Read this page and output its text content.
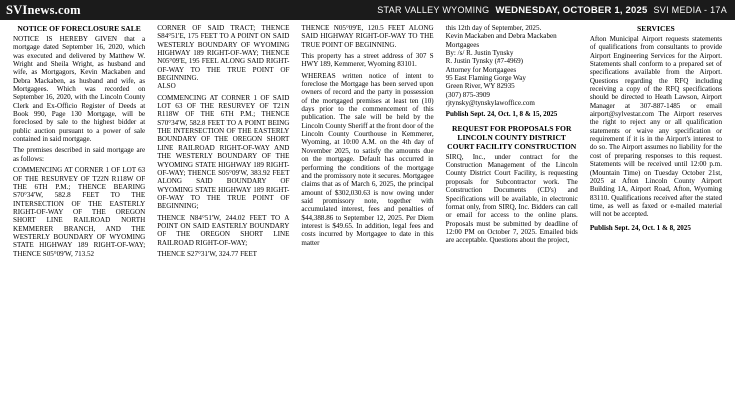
SVInews.com	STAR VALLEY WYOMING WEDNESDAY, OCTOBER 1, 2025 SVI MEDIA - 17A
NOTICE OF FORECLOSURE SALE

NOTICE IS HEREBY GIVEN that a mortgage dated September 16, 2020, which was executed and delivered by Matthew W. Wright and Sheila Wright, as husband and wife, as Mortgagors, Kevin Mackaben and Debra Mackaben, as husband and wife, as Mortgagees. Which was recorded on September 16, 2020, with the Lincoln County Clerk and Ex-Officio Register of Deeds at Book 990, Page 130 Mortgage, will be foreclosed by sale to the highest bidder at public auction pursuant to a power of sale contained in said mortgage.

The premises described in said mortgage are as follows:

COMMENCING AT CORNER 1 OF LOT 63 OF THE RESURVEY OF T22N R118W OF THE 6TH P.M.; THENCE BEARING S70°34'W, 582.8 FEET TO THE INTERSECTION OF THE EASTERLY RIGHT-OF-WAY OF THE OREGON SHORT LINE RAILROAD NORTH KEMMERER BRANCH, AND THE WESTERLY BOUNDARY OF WYOMING STATE HIGHWAY 189 RIGHT-OF-WAY; THENCE S05°09'W, 713.52

CORNER OF SAID TRACT; THENCE S84°51'E, 175 FEET TO A POINT ON SAID WESTERLY BOUNDARY OF WYOMING HIGHWAY 189 RIGHT-OF-WAY; THENCE N05°09'E, 195 FEEL ALONG SAID RIGHT-OF-WAY TO THE TRUE POINT OF BEGINNING.

ALSO

COMMENCING AT CORNER 1 OF SAID LOT 63 OF THE RESURVEY OF T21N R118W OF THE 6TH P.M.; THENCE S70°34'W, 582.8 FEET TO A POINT BEING THE INTERSECTION OF THE EASTERLY BOUNDARY OF THE OREGON SHORT LINE RAILROAD RIGHT-OF-WAY AND THE WESTERLY BOUNDARY OF THE WYOMING STATE HIGHWAY 189 RIGHT-OF-WAY; THENCE S05°09'W, 383.92 FEET ALONG SAID BOUNDARY OF WYOMING STATE HIGHWAY 189 RIGHT-OF-WAY TO THE TRUE POINT OF BEGINNING;

THENCE N84°51'W, 244.02 FEET TO A POINT ON SAID EASTERLY BOUNDARY OF THE OREGON SHORT LINE RAILROAD RIGHT-OF-WAY;

THENCE S27°31'W, 324.77 FEET

THENCE N05°09'E, 120.5 FEET ALONG SAID HIGHWAY RIGHT-OF-WAY TO THE TRUE POINT OF BEGINNING.

This property has a street address of 307 S HWY 189, Kemmerer, Wyoming 83101.

WHEREAS written notice of intent to foreclose the Mortgage has been served upon owners of record and the party in possession of the mortgaged premises at least ten (10) days prior to the commencement of this publication. The sale will be held by the Lincoln County Sheriff at the front door of the Lincoln County Courthouse in Kemmerer, Wyoming, at 10:00 A.M. on the 4th day of November 2025, to satisfy the amounts due on the mortgage. Default has occurred in performing the conditions of the mortgage and the promissory note it secures. Mortgagee claims that as of March 6, 2025, the principal amount of $302,030.63 is now owing under said promissory note, together with accumulated interest, fees and penalties of $44,388.86 to September 12, 2025. Per Diem interest is $49.65. In addition, legal fees and costs incurred by Mortgagee to date in this matter

this 12th day of September, 2025.

Kevin Mackaben and Debra Mackaben

Mortgagees

By: /s/ R. Justin Tynsky

R. Justin Tynsky (#7-4969)

Attorney for Mortgagees

95 East Flaming Gorge Way

Green River, WY 82935

(307) 875-3909

rjtynsky@tynskylawoffice.com

Publish Sept. 24, Oct. 1, 8 & 15, 2025

REQUEST FOR PROPOSALS FOR LINCOLN COUNTY DISTRICT COURT FACILITY CONSTRUCTION

SIRQ, Inc., under contract for the Construction Management of the Lincoln County District Court Facility, is requesting proposals for Subcontractor work. The Construction Documents (CD's) and Specifications will be available, in electronic format only, from SIRQ, Inc. Bidders can call or email for access to the online plans. Proposals must be submitted by deadline of 12:00 PM on October 7, 2025. Emailed bids are acceptable. Questions about the project,

SERVICES

Afton Municipal Airport requests statements of qualifications from consultants to provide Airport Engineering Services for the Airport. Statements shall conform to a prepared set of specifications available from the Airport. Questions regarding the RFQ including receiving a copy of the RFQ specifications should be directed to Heath Lawson, Airport Manager at 307-887-1485 or email airport@sylvestar.com The Airport reserves the right to reject any or all qualification statements or waive any specification or requirement if it is in the Airport's interest to do so. The Airport assumes no liability for the cost of preparing responses to this request. Statements will be received until 12:00 p.m. (Mountain Time) on Tuesday October 21st, 2025 at Afton Lincoln County Airport Building 1A, Airport Road, Afton, Wyoming 83110. Qualifications received after the stated time, as well as faxed or e-mailed material will not be accepted.

Publish Sept. 24, Oct. 1 & 8, 2025
